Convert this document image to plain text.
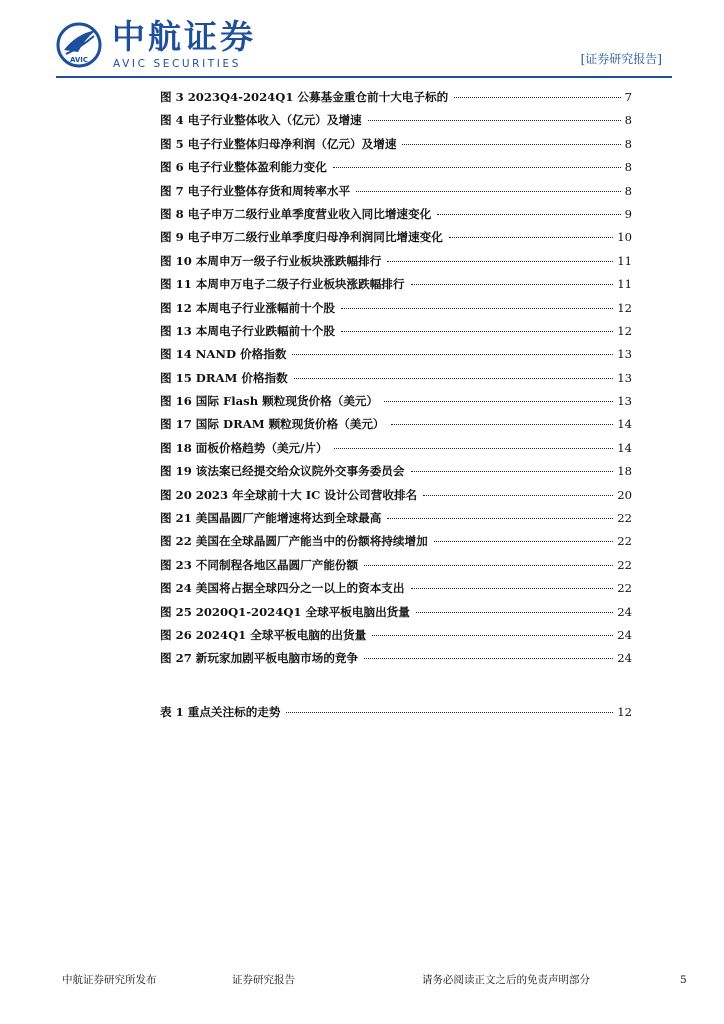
AVIC
中航证券
AVIC SECURITIES	[证券研究报告]
图 3 2023Q4-2024Q1 公募基金重仓前十大电子标的	7
图 4 电子行业整体收入（亿元）及增速	8
图 5 电子行业整体归母净利润（亿元）及增速	8
图 6 电子行业整体盈利能力变化	8
图 7 电子行业整体存货和周转率水平	8
图 8 电子申万二级行业单季度营业收入同比增速变化	9
图 9 电子申万二级行业单季度归母净利润同比增速变化	10
图 10 本周申万一级子行业板块涨跌幅排行	11
图 11 本周申万电子二级子行业板块涨跌幅排行	11
图 12 本周电子行业涨幅前十个股	12
图 13 本周电子行业跌幅前十个股	12
图 14 NAND 价格指数	13
图 15 DRAM 价格指数	13
图 16 国际 Flash 颗粒现货价格（美元）	13
图 17 国际 DRAM 颗粒现货价格（美元）	14
图 18 面板价格趋势（美元/片）	14
图 19 该法案已经提交给众议院外交事务委员会	18
图 20 2023 年全球前十大 IC 设计公司营收排名	20
图 21 美国晶圆厂产能增速将达到全球最高	22
图 22 美国在全球晶圆厂产能当中的份额将持续增加	22
图 23 不同制程各地区晶圆厂产能份额	22
图 24 美国将占据全球四分之一以上的资本支出	22
图 25 2020Q1-2024Q1 全球平板电脑出货量	24
图 26 2024Q1 全球平板电脑的出货量	24
图 27 新玩家加剧平板电脑市场的竞争	24
表 1 重点关注标的走势	12
中航证券研究所发布	证券研究报告	请务必阅读正文之后的免责声明部分	5
